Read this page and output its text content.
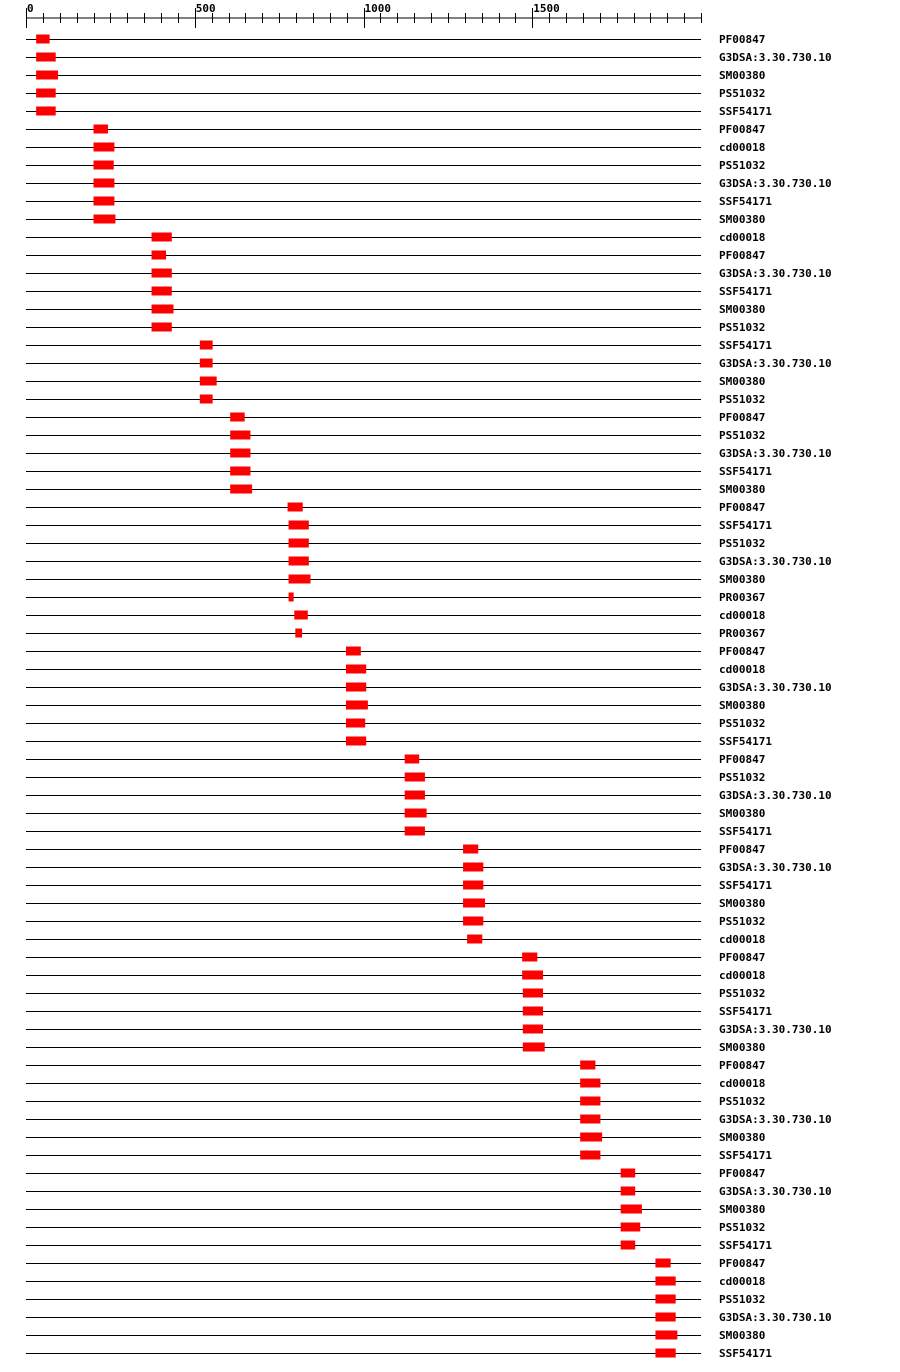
0	500	1000	1500
PF00847
G3DSA:3.30.730.10
SM00380
PS51032
SSF54171
PF00847
cd00018
PS51032
G3DSA:3.30.730.10
SSF54171
SM00380
cd00018
PF00847
G3DSA:3.30.730.10
SSF54171
SM00380
PS51032
SSF54171
G3DSA:3.30.730.10
SM00380
PS51032
PF00847
PS51032
G3DSA:3.30.730.10
SSF54171
SM00380
PF00847
SSF54171
PS51032
G3DSA:3.30.730.10
SM00380
PR00367
cd00018
PR00367
PF00847
cd00018
G3DSA:3.30.730.10
SM00380
PS51032
SSF54171
PF00847
PS51032
G3DSA:3.30.730.10
SM00380
SSF54171
PF00847
G3DSA:3.30.730.10
SSF54171
SM00380
PS51032
cd00018
PF00847
cd00018
PS51032
SSF54171
G3DSA:3.30.730.10
SM00380
PF00847
cd00018
PS51032
G3DSA:3.30.730.10
SM00380
SSF54171
PF00847
G3DSA:3.30.730.10
SM00380
PS51032
SSF54171
PF00847
cd00018
PS51032
G3DSA:3.30.730.10
SM00380
SSF54171
